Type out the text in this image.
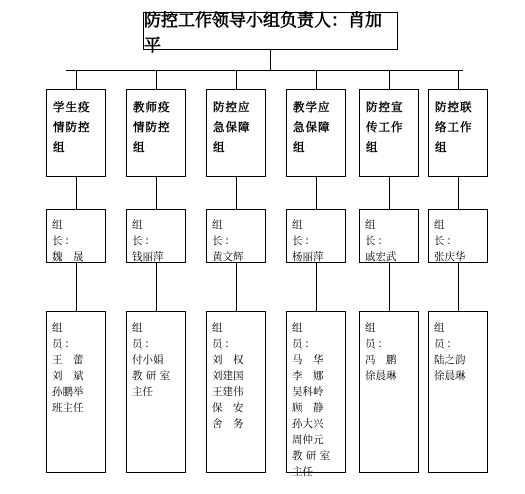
防控工作领导小组负责人：肖加平
学生疫情防控组
组　长：
魏　晟
组　员：
王　蕾
刘　斌
孙鹏举
班主任
教师疫情防控组
组　长：
钱丽萍
组　员：
付小娟
教 研 室
主任
防控应急保障组
组　长：
黄文辉
组　员：
刘　权
刘建国
王建伟
保　安
舍　务
教学应急保障组
组　长：
杨丽萍
组　员：
马　华
李　娜
吴科岭
顾　静
孙大兴
周仲元
教 研 室
主任
防控宣传工作组
组　长：
戚宏武
组　员：
冯　鹏
徐晨琳
防控联络工作组
组　长：
张庆华
组　员：
陆之韵
徐晨琳
